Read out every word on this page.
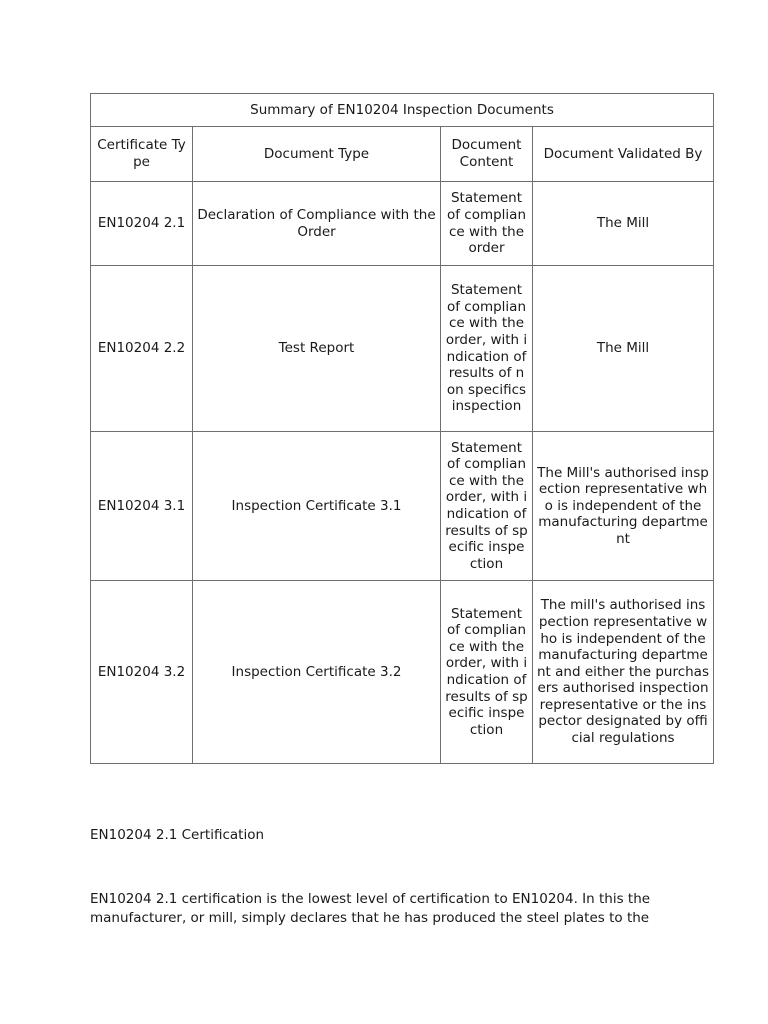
Summary of EN10204 Inspection Documents			
Certificate Type	Document Type	Document Content	Document Validated By
EN10204 2.1	Declaration of Compliance with the Order	Statement of compliance with the order	The Mill
EN10204 2.2	Test Report	Statement of compliance with the order, with indication of results of non specifics inspection	The Mill
EN10204 3.1	Inspection Certificate 3.1	Statement of compliance with the order, with indication of results of specific inspection	The Mill's authorised inspection representative who is independent of the manufacturing department
EN10204 3.2	Inspection Certificate 3.2	Statement of compliance with the order, with indication of results of specific inspection	The mill's authorised inspection representative who is independent of the manufacturing department and either the purchasers authorised inspection representative or the inspector designated by official regulations
EN10204 2.1 Certification

EN10204 2.1 certification is the lowest level of certification to EN10204. In this the manufacturer, or mill, simply declares that he has produced the steel plates to the
